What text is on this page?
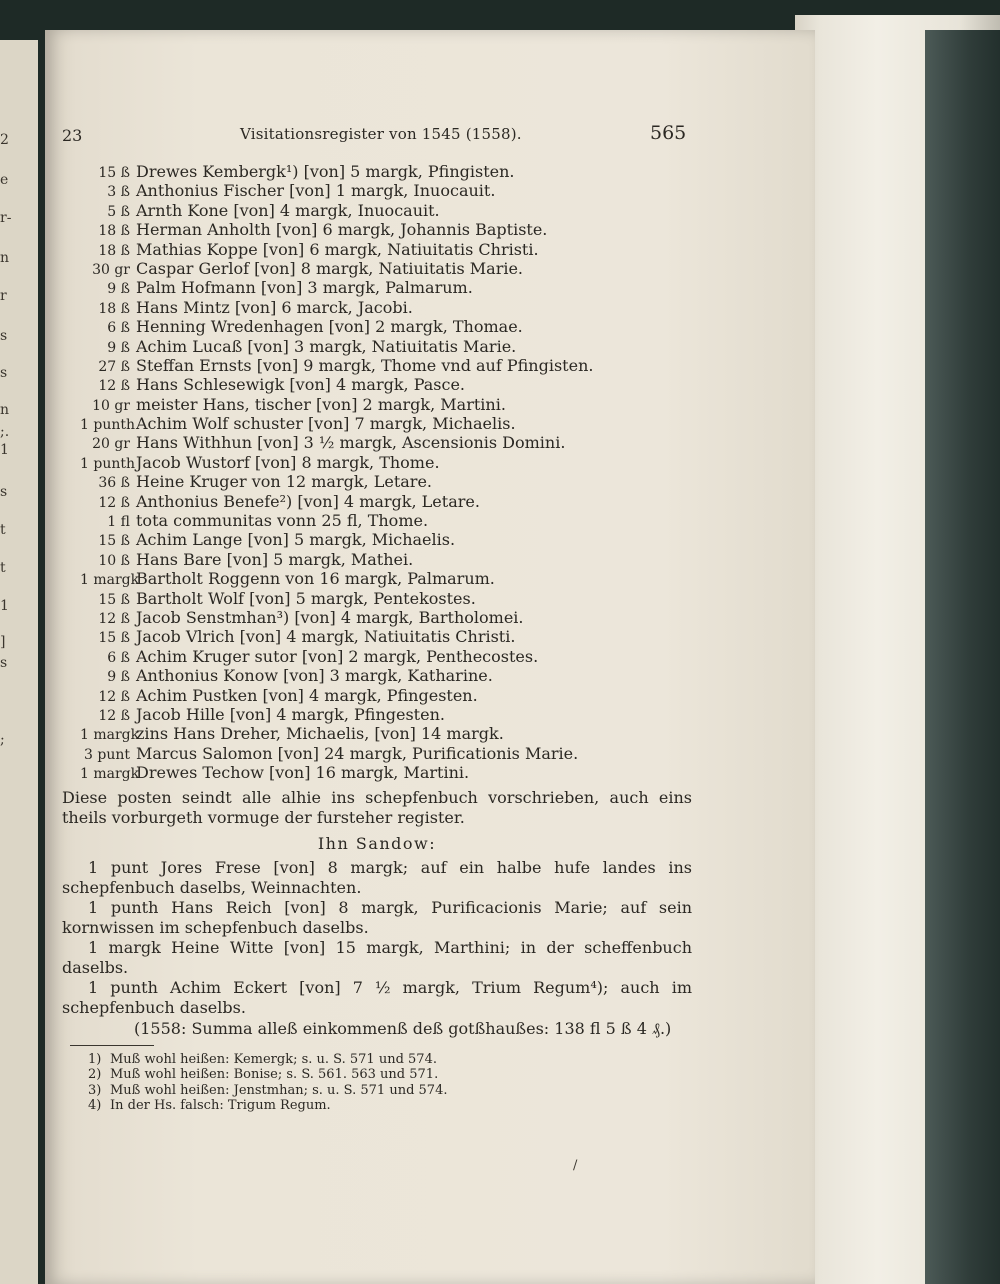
2
e
r-
n
r
s
s
n
;.
1
s
t
t
1
]
s
;
23	Visitationsregister von 1545 (1558).	565
15 ß Drewes Kembergk¹) [von] 5 margk, Pfingisten.
3 ß Anthonius Fischer [von] 1 margk, Inuocauit.
5 ß Arnth Kone [von] 4 margk, Inuocauit.
18 ß Herman Anholth [von] 6 margk, Johannis Baptiste.
18 ß Mathias Koppe [von] 6 margk, Natiuitatis Christi.
30 gr Caspar Gerlof [von] 8 margk, Natiuitatis Marie.
9 ß Palm Hofmann [von] 3 margk, Palmarum.
18 ß Hans Mintz [von] 6 marck, Jacobi.
6 ß Henning Wredenhagen [von] 2 margk, Thomae.
9 ß Achim Lucaß [von] 3 margk, Natiuitatis Marie.
27 ß Steffan Ernsts [von] 9 margk, Thome vnd auf Pfingisten.
12 ß Hans Schlesewigk [von] 4 margk, Pasce.
10 gr meister Hans, tischer [von] 2 margk, Martini.
1 punthAchim Wolf schuster [von] 7 margk, Michaelis.
20 gr Hans Withhun [von] 3 ½ margk, Ascensionis Domini.
1 punthJacob Wustorf [von] 8 margk, Thome.
36 ß Heine Kruger von 12 margk, Letare.
12 ß Anthonius Benefe²) [von] 4 margk, Letare.
1 fl tota communitas vonn 25 fl, Thome.
15 ß Achim Lange [von] 5 margk, Michaelis.
10 ß Hans Bare [von] 5 margk, Mathei.
1 margkBartholt Roggenn von 16 margk, Palmarum.
15 ß Bartholt Wolf [von] 5 margk, Pentekostes.
12 ß Jacob Senstmhan³) [von] 4 margk, Bartholomei.
15 ß Jacob Vlrich [von] 4 margk, Natiuitatis Christi.
6 ß Achim Kruger sutor [von] 2 margk, Penthecostes.
9 ß Anthonius Konow [von] 3 margk, Katharine.
12 ß Achim Pustken [von] 4 margk, Pfingesten.
12 ß Jacob Hille [von] 4 margk, Pfingesten.
1 margkzins Hans Dreher, Michaelis, [von] 14 margk.
3 punt Marcus Salomon [von] 24 margk, Purificationis Marie.
1 margkDrewes Techow [von] 16 margk, Martini.
Diese posten seindt alle alhie ins schepfenbuch vorschrieben, auch eins theils vorburgeth vormuge der fursteher register.
Ihn Sandow:
1 punt Jores Frese [von] 8 margk; auf ein halbe hufe landes ins schepfenbuch daselbs, Weinnachten.
1 punth Hans Reich [von] 8 margk, Purificacionis Marie; auf sein kornwissen im schepfenbuch daselbs.
1 margk Heine Witte [von] 15 margk, Marthini; in der scheffenbuch daselbs.
1 punth Achim Eckert [von] 7 ½ margk, Trium Regum⁴); auch im schepfenbuch daselbs.
(1558: Summa alleß einkommenß deß gotßhaußes: 138 fl 5 ß 4 ₰.)
1) Muß wohl heißen: Kemergk; s. u. S. 571 und 574.
2) Muß wohl heißen: Bonise; s. S. 561. 563 und 571.
3) Muß wohl heißen: Jenstmhan; s. u. S. 571 und 574.
4) In der Hs. falsch: Trigum Regum.
/
